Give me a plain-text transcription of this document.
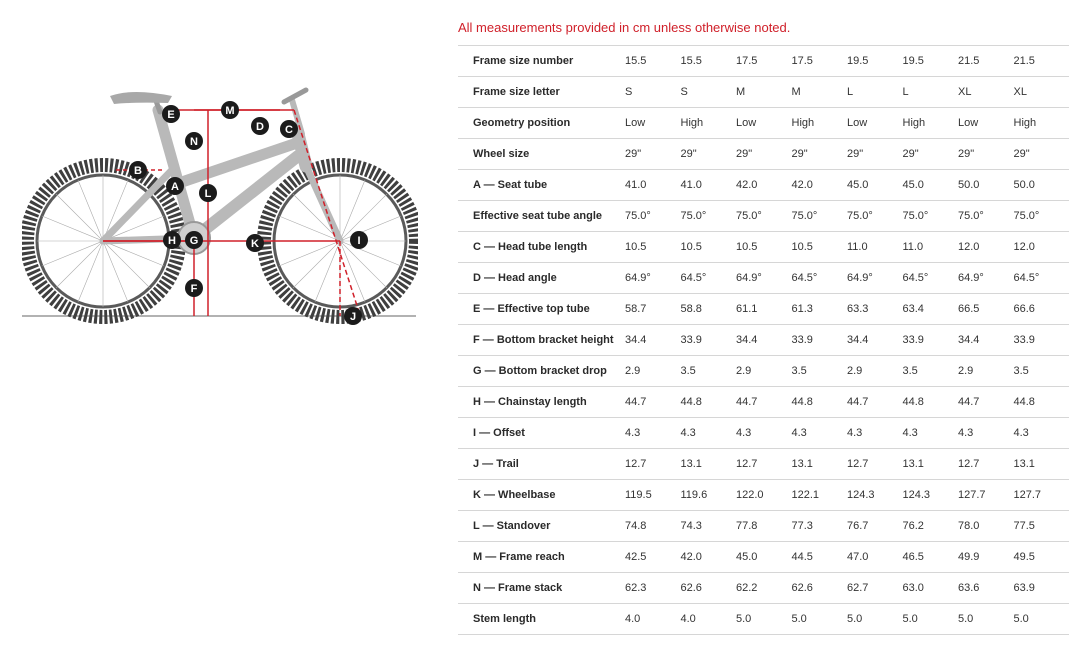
A
B
C
D
E
F
G
H	I
J
K
L
M
N
All measurements provided in cm unless otherwise noted.
Frame size number	15.5	15.5	17.5	17.5	19.5	19.5	21.5	21.5
Frame size letter	S	S	M	M	L	L	XL	XL
Geometry position	Low	High	Low	High	Low	High	Low	High
Wheel size	29"	29"	29"	29"	29"	29"	29"	29"
A — Seat tube	41.0	41.0	42.0	42.0	45.0	45.0	50.0	50.0
Effective seat tube angle	75.0°	75.0°	75.0°	75.0°	75.0°	75.0°	75.0°	75.0°
C — Head tube length	10.5	10.5	10.5	10.5	11.0	11.0	12.0	12.0
D — Head angle	64.9°	64.5°	64.9°	64.5°	64.9°	64.5°	64.9°	64.5°
E — Effective top tube	58.7	58.8	61.1	61.3	63.3	63.4	66.5	66.6
F — Bottom bracket height	34.4	33.9	34.4	33.9	34.4	33.9	34.4	33.9
G — Bottom bracket drop	2.9	3.5	2.9	3.5	2.9	3.5	2.9	3.5
H — Chainstay length	44.7	44.8	44.7	44.8	44.7	44.8	44.7	44.8
I — Offset	4.3	4.3	4.3	4.3	4.3	4.3	4.3	4.3
J — Trail	12.7	13.1	12.7	13.1	12.7	13.1	12.7	13.1
K — Wheelbase	119.5	119.6	122.0	122.1	124.3	124.3	127.7	127.7
L — Standover	74.8	74.3	77.8	77.3	76.7	76.2	78.0	77.5
M — Frame reach	42.5	42.0	45.0	44.5	47.0	46.5	49.9	49.5
N — Frame stack	62.3	62.6	62.2	62.6	62.7	63.0	63.6	63.9
Stem length	4.0	4.0	5.0	5.0	5.0	5.0	5.0	5.0
